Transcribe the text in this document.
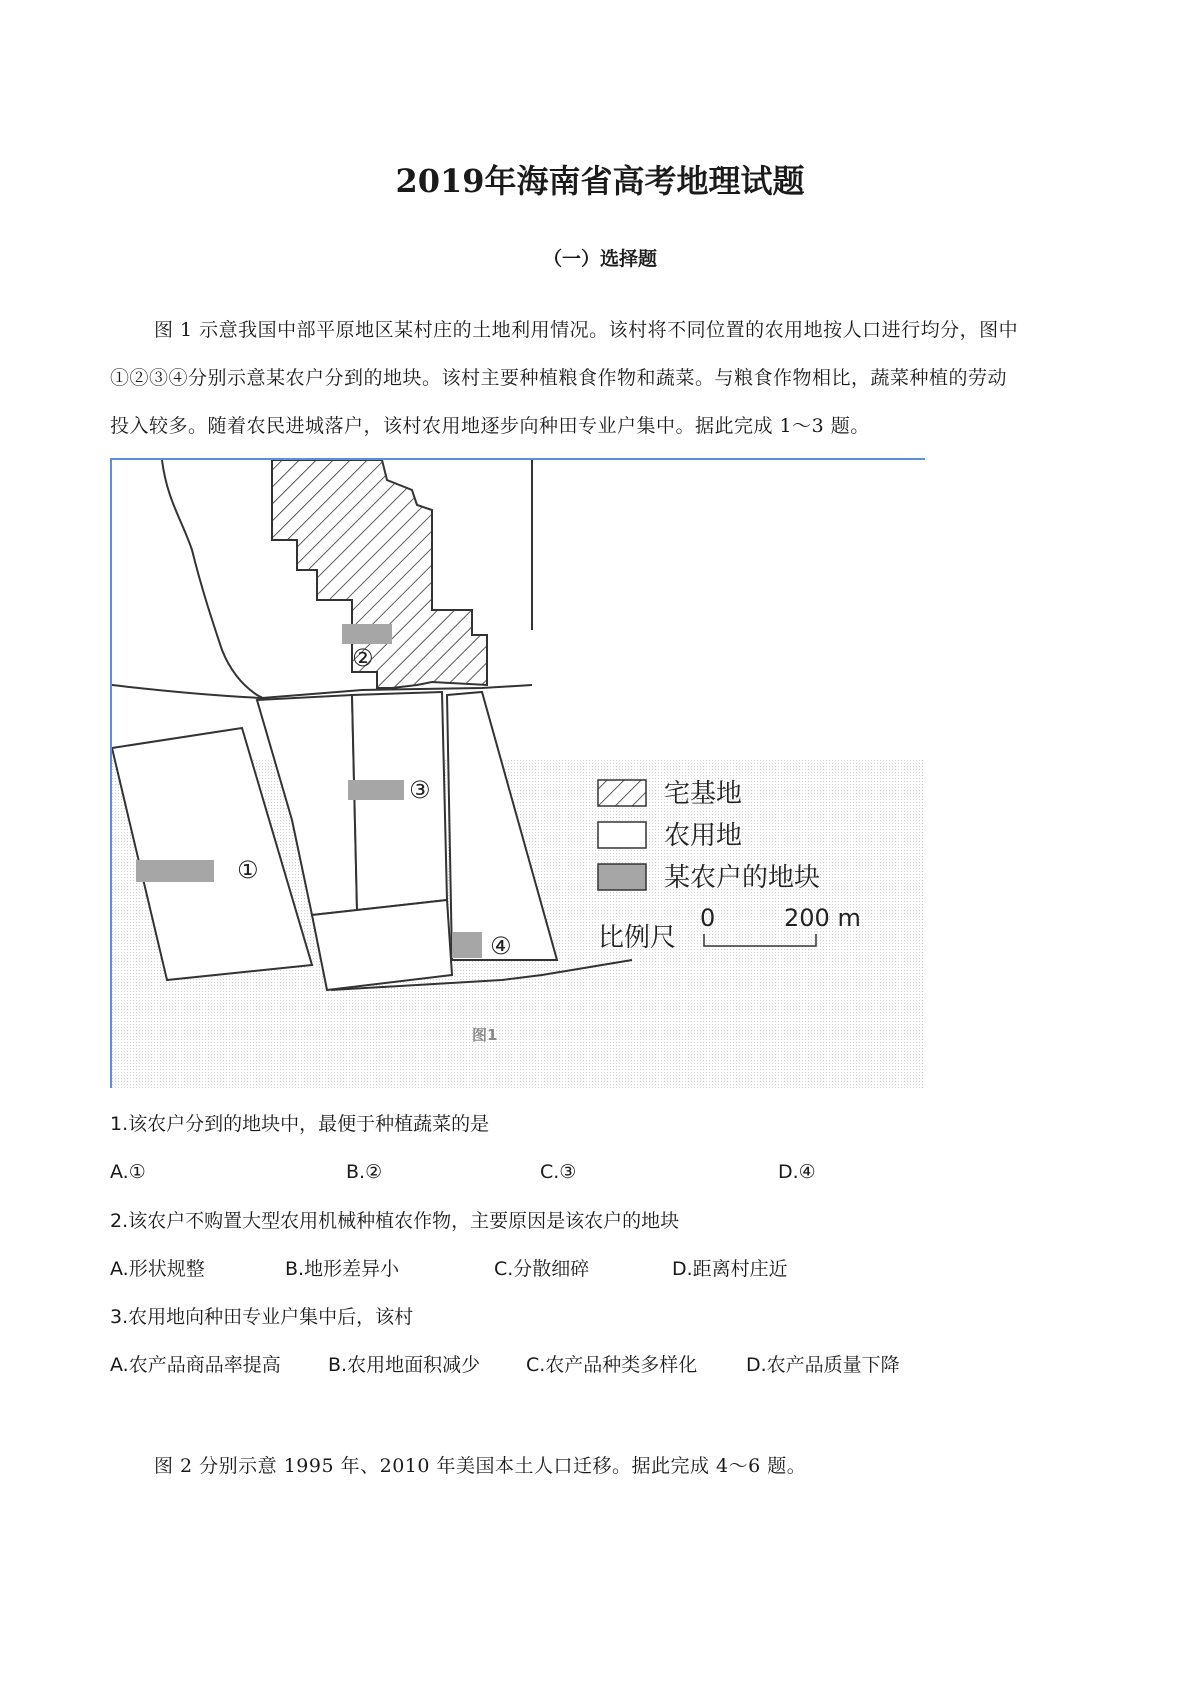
2019年海南省高考地理试题
（一）选择题
图 1 示意我国中部平原地区某村庄的土地利用情况。该村将不同位置的农用地按人口进行均分，图中
①②③④分别示意某农户分到的地块。该村主要种植粮食作物和蔬菜。与粮食作物相比，蔬菜种植的劳动
投入较多。随着农民进城落户，该村农用地逐步向种田专业户集中。据此完成 1～3 题。
①
②
③
④
宅基地
农用地
某农户的地块
比例尺
0	200 m
图1
1.该农户分到的地块中，最便于种植蔬菜的是
A.①	B.②	C.③	D.④
2.该农户不购置大型农用机械种植农作物，主要原因是该农户的地块
A.形状规整	B.地形差异小	C.分散细碎	D.距离村庄近
3.农用地向种田专业户集中后，该村
A.农产品商品率提高 B.农用地面积减少 C.农产品种类多样化	D.农产品质量下降
图 2 分别示意 1995 年、2010 年美国本土人口迁移。据此完成 4～6 题。
